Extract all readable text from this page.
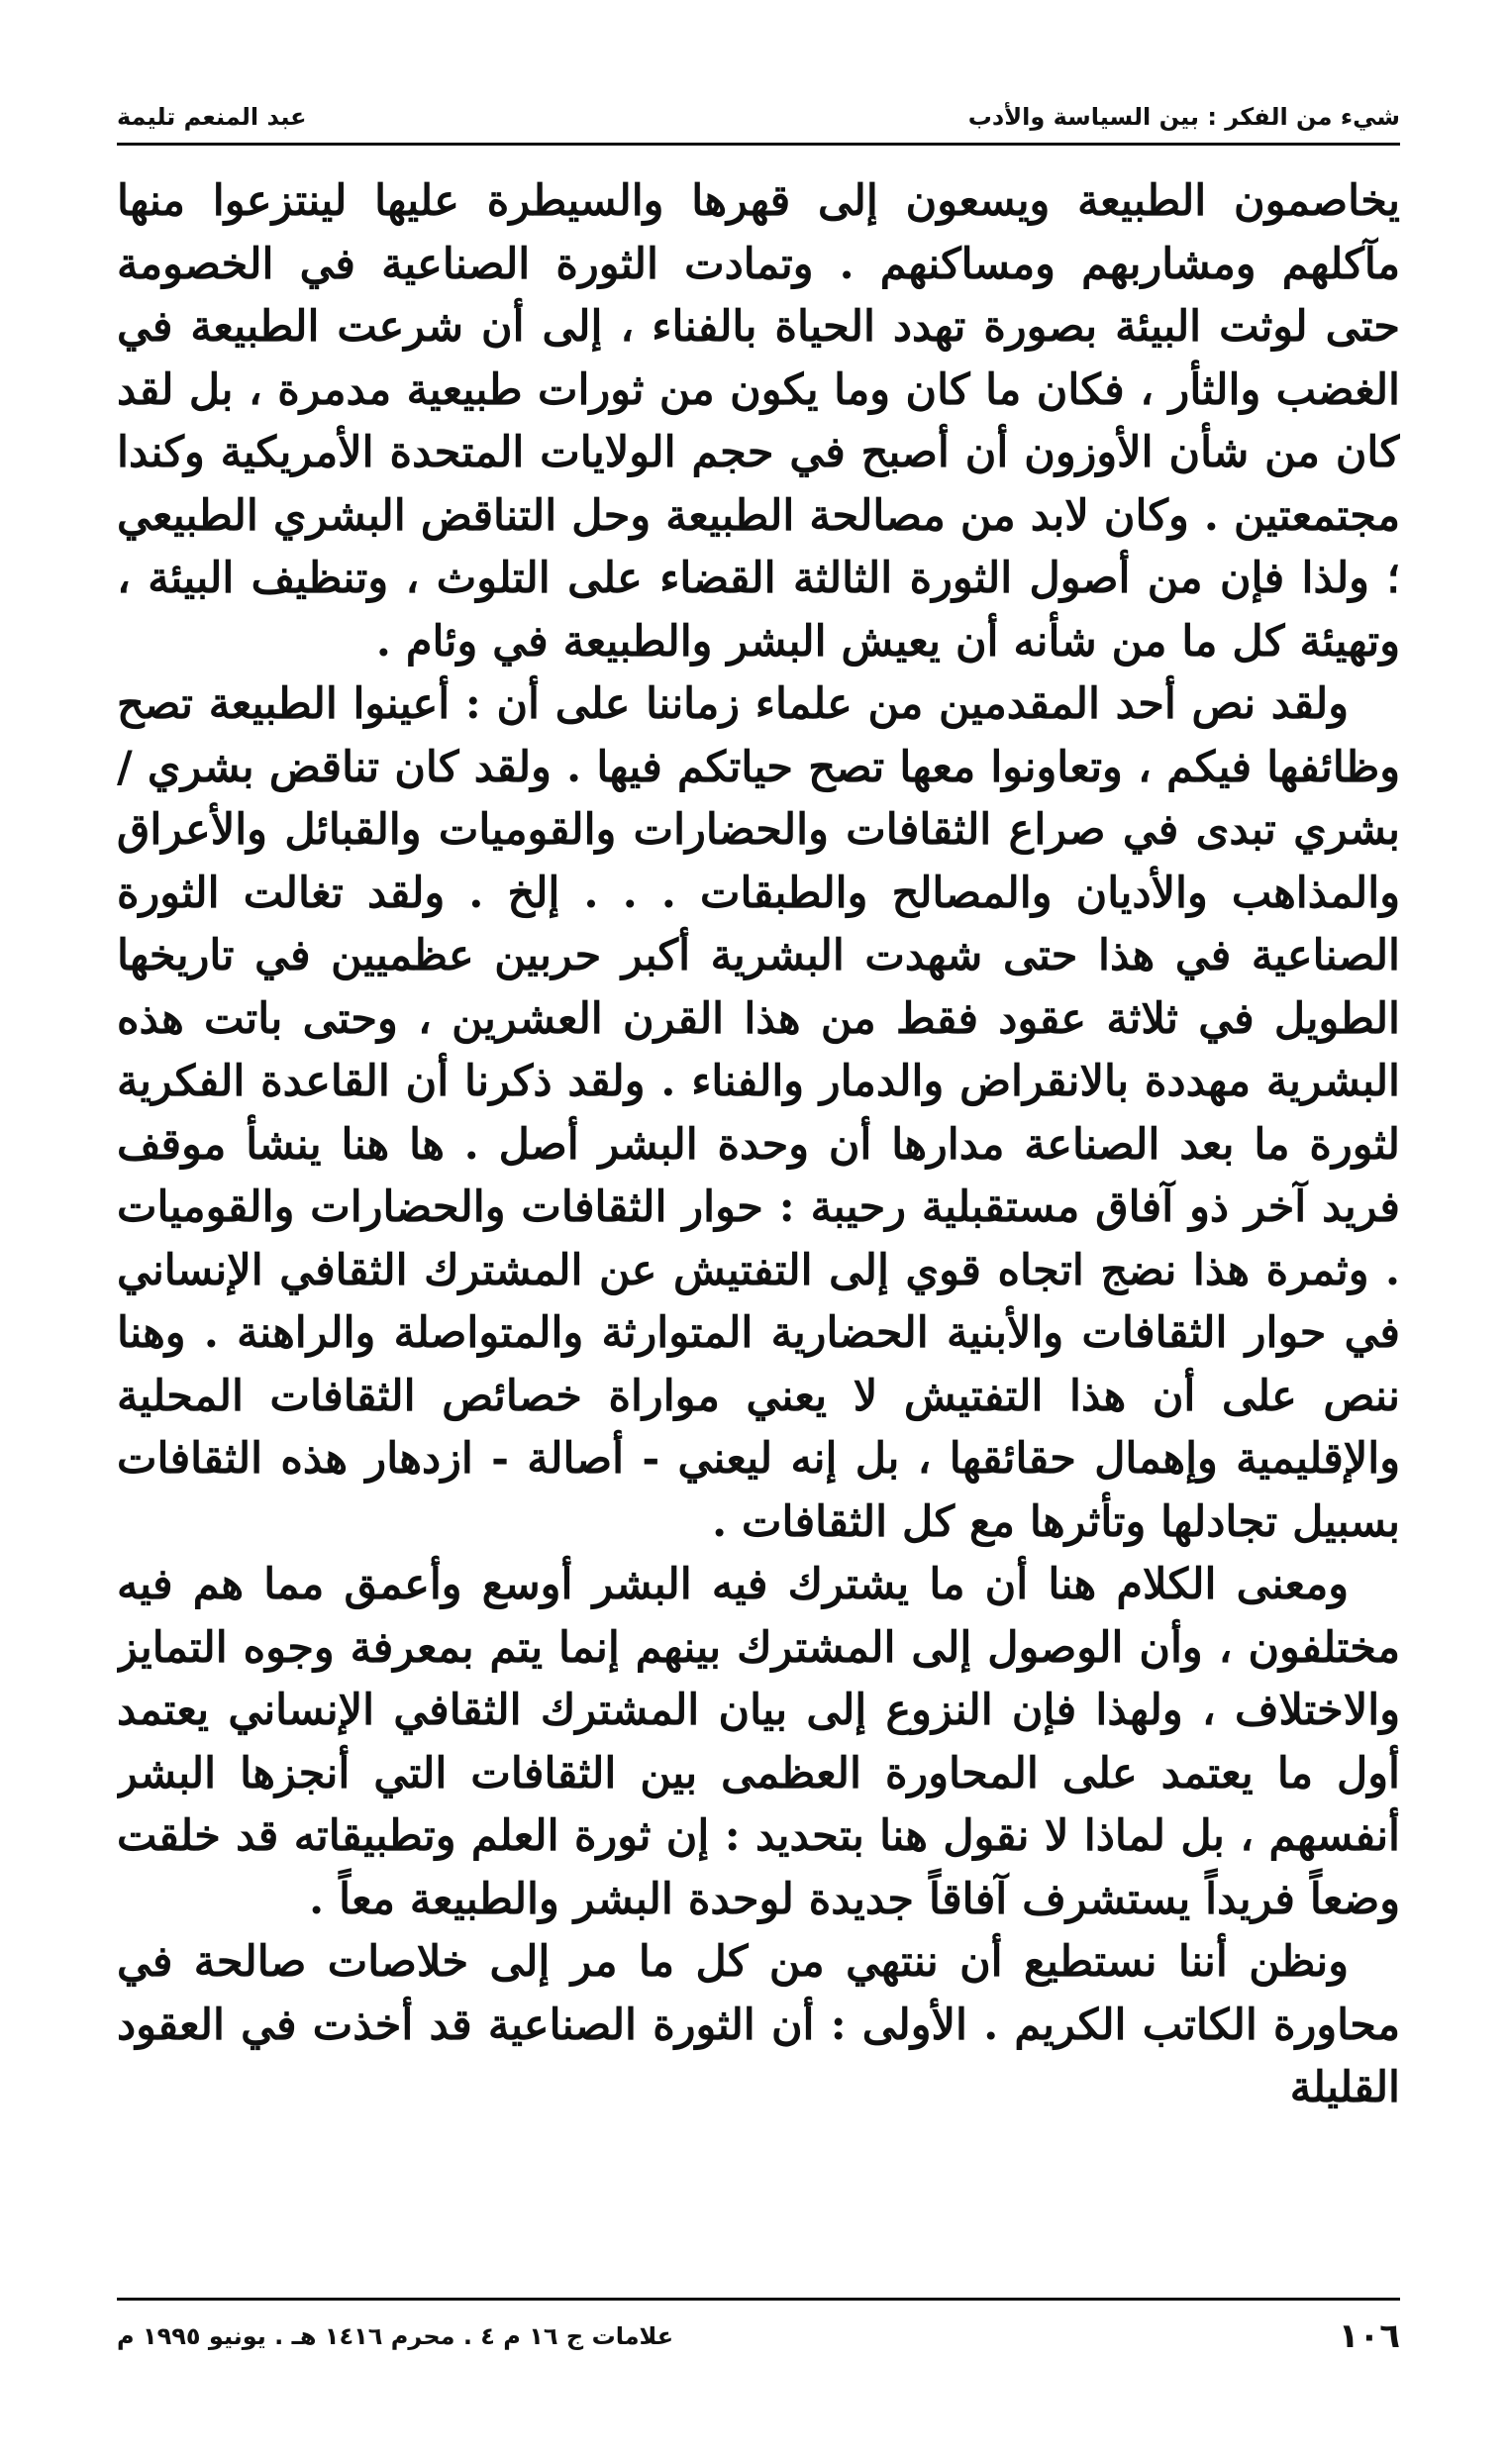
شيء من الفكر : بين السياسة والأدب
عبد المنعم تليمة

يخاصمون الطبيعة ويسعون إلى قهرها والسيطرة عليها لينتزعوا منها مآكلهم ومشاربهم ومساكنهم . وتمادت الثورة الصناعية في الخصومة حتى لوثت البيئة بصورة تهدد الحياة بالفناء ، إلى أن شرعت الطبيعة في الغضب والثأر ، فكان ما كان وما يكون من ثورات طبيعية مدمرة ، بل لقد كان من شأن الأوزون أن أصبح في حجم الولايات المتحدة الأمريكية وكندا مجتمعتين . وكان لابد من مصالحة الطبيعة وحل التناقض البشري الطبيعي ؛ ولذا فإن من أصول الثورة الثالثة القضاء على التلوث ، وتنظيف البيئة ، وتهيئة كل ما من شأنه أن يعيش البشر والطبيعة في وئام .

ولقد نص أحد المقدمين من علماء زماننا على أن : أعينوا الطبيعة تصح وظائفها فيكم ، وتعاونوا معها تصح حياتكم فيها . ولقد كان تناقض بشري / بشري تبدى في صراع الثقافات والحضارات والقوميات والقبائل والأعراق والمذاهب والأديان والمصالح والطبقات . . . إلخ . ولقد تغالت الثورة الصناعية في هذا حتى شهدت البشرية أكبر حربين عظميين في تاريخها الطويل في ثلاثة عقود فقط من هذا القرن العشرين ، وحتى باتت هذه البشرية مهددة بالانقراض والدمار والفناء . ولقد ذكرنا أن القاعدة الفكرية لثورة ما بعد الصناعة مدارها أن وحدة البشر أصل . ها هنا ينشأ موقف فريد آخر ذو آفاق مستقبلية رحيبة : حوار الثقافات والحضارات والقوميات . وثمرة هذا نضج اتجاه قوي إلى التفتيش عن المشترك الثقافي الإنساني في حوار الثقافات والأبنية الحضارية المتوارثة والمتواصلة والراهنة . وهنا ننص على أن هذا التفتيش لا يعني مواراة خصائص الثقافات المحلية والإقليمية وإهمال حقائقها ، بل إنه ليعني - أصالة - ازدهار هذه الثقافات بسبيل تجادلها وتأثرها مع كل الثقافات .

ومعنى الكلام هنا أن ما يشترك فيه البشر أوسع وأعمق مما هم فيه مختلفون ، وأن الوصول إلى المشترك بينهم إنما يتم بمعرفة وجوه التمايز والاختلاف ، ولهذا فإن النزوع إلى بيان المشترك الثقافي الإنساني يعتمد أول ما يعتمد على المحاورة العظمى بين الثقافات التي أنجزها البشر أنفسهم ، بل لماذا لا نقول هنا بتحديد : إن ثورة العلم وتطبيقاته قد خلقت وضعاً فريداً يستشرف آفاقاً جديدة لوحدة البشر والطبيعة معاً .

ونظن أننا نستطيع أن ننتهي من كل ما مر إلى خلاصات صالحة في محاورة الكاتب الكريم . الأولى : أن الثورة الصناعية قد أخذت في العقود القليلة

١٠٦
علامات ج ١٦ م ٤ . محرم ١٤١٦ هـ . يونيو ١٩٩٥ م
